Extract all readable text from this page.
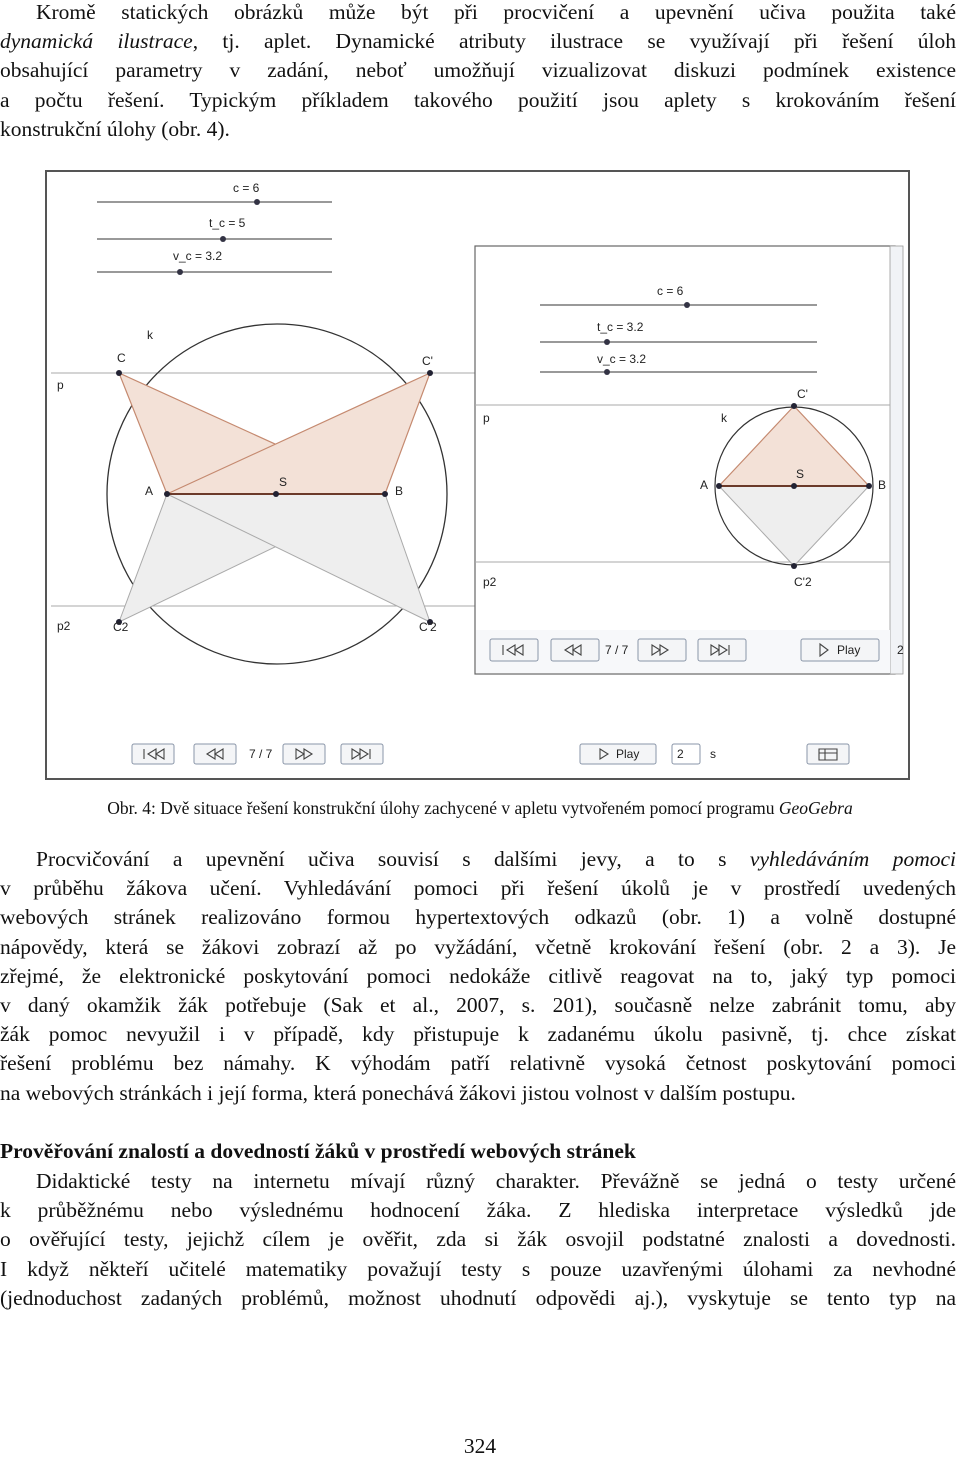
Kromě statických obrázků může být při procvičení a upevnění učiva použita také
dynamická ilustrace, tj. aplet. Dynamické atributy ilustrace se využívají při řešení úloh
obsahující parametry v zadání, neboť umožňují vizualizovat diskuzi podmínek existence
a počtu řešení. Typickým příkladem takového použití jsou aplety s krokováním řešení
konstrukční úlohy (obr. 4).
c = 6
t_c = 5
v_c = 3.2
C	C'
A
S
B
C2	C'2
p
k
p2
7 / 7	Play	2 s
c = 6
t_c = 3.2
v_c = 3.2
C'
A
S
B
C'2
p	k
p2
7 / 7	Play	2
Obr. 4: Dvě situace řešení konstrukční úlohy zachycené v apletu vytvořeném pomocí programu GeoGebra
Procvičování a upevnění učiva souvisí s dalšími jevy, a to s vyhledáváním pomoci
v průběhu žákova učení. Vyhledávání pomoci při řešení úkolů je v prostředí uvedených
webových stránek realizováno formou hypertextových odkazů (obr. 1) a volně dostupné
nápovědy, která se žákovi zobrazí až po vyžádání, včetně krokování řešení (obr. 2 a 3). Je
zřejmé, že elektronické poskytování pomoci nedokáže citlivě reagovat na to, jaký typ pomoci
v daný okamžik žák potřebuje (Sak et al., 2007, s. 201), současně nelze zabránit tomu, aby
žák pomoc nevyužil i v případě, kdy přistupuje k zadanému úkolu pasivně, tj. chce získat
řešení problému bez námahy. K výhodám patří relativně vysoká četnost poskytování pomoci
na webových stránkách i její forma, která ponechává žákovi jistou volnost v dalším postupu.
Prověřování znalostí a dovedností žáků v prostředí webových stránek
Didaktické testy na internetu mívají různý charakter. Převážně se jedná o testy určené
k průběžnému nebo výslednému hodnocení žáka. Z hlediska interpretace výsledků jde
o ověřující testy, jejichž cílem je ověřit, zda si žák osvojil podstatné znalosti a dovednosti.
I když někteří učitelé matematiky považují testy s pouze uzavřenými úlohami za nevhodné
(jednoduchost zadaných problémů, možnost uhodnutí odpovědi aj.), vyskytuje se tento typ na
324
